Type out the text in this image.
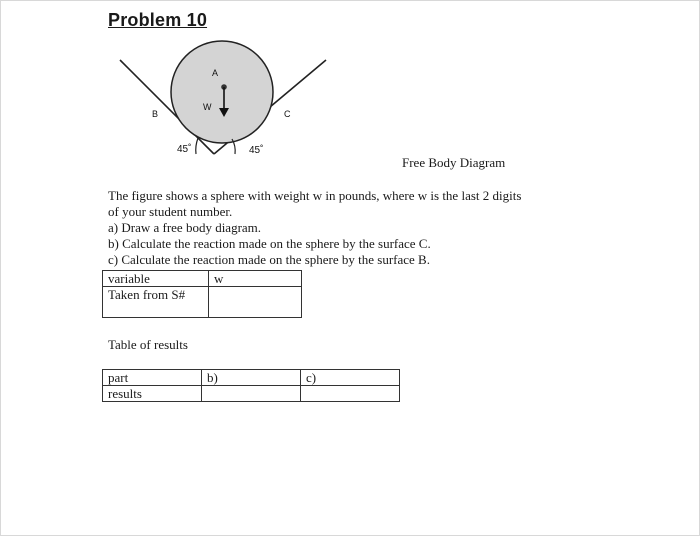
Problem 10
A
W
B	C
45˚	45˚
Free Body Diagram
The figure shows a sphere with weight w in pounds, where w is the last 2 digits
of your student number.
a) Draw a free body diagram.
b) Calculate the reaction made on the sphere by the surface C.
c) Calculate the reaction made on the sphere by the surface B.
variable	w
Taken from S#	
Table of results
part	b)	c)
results		
